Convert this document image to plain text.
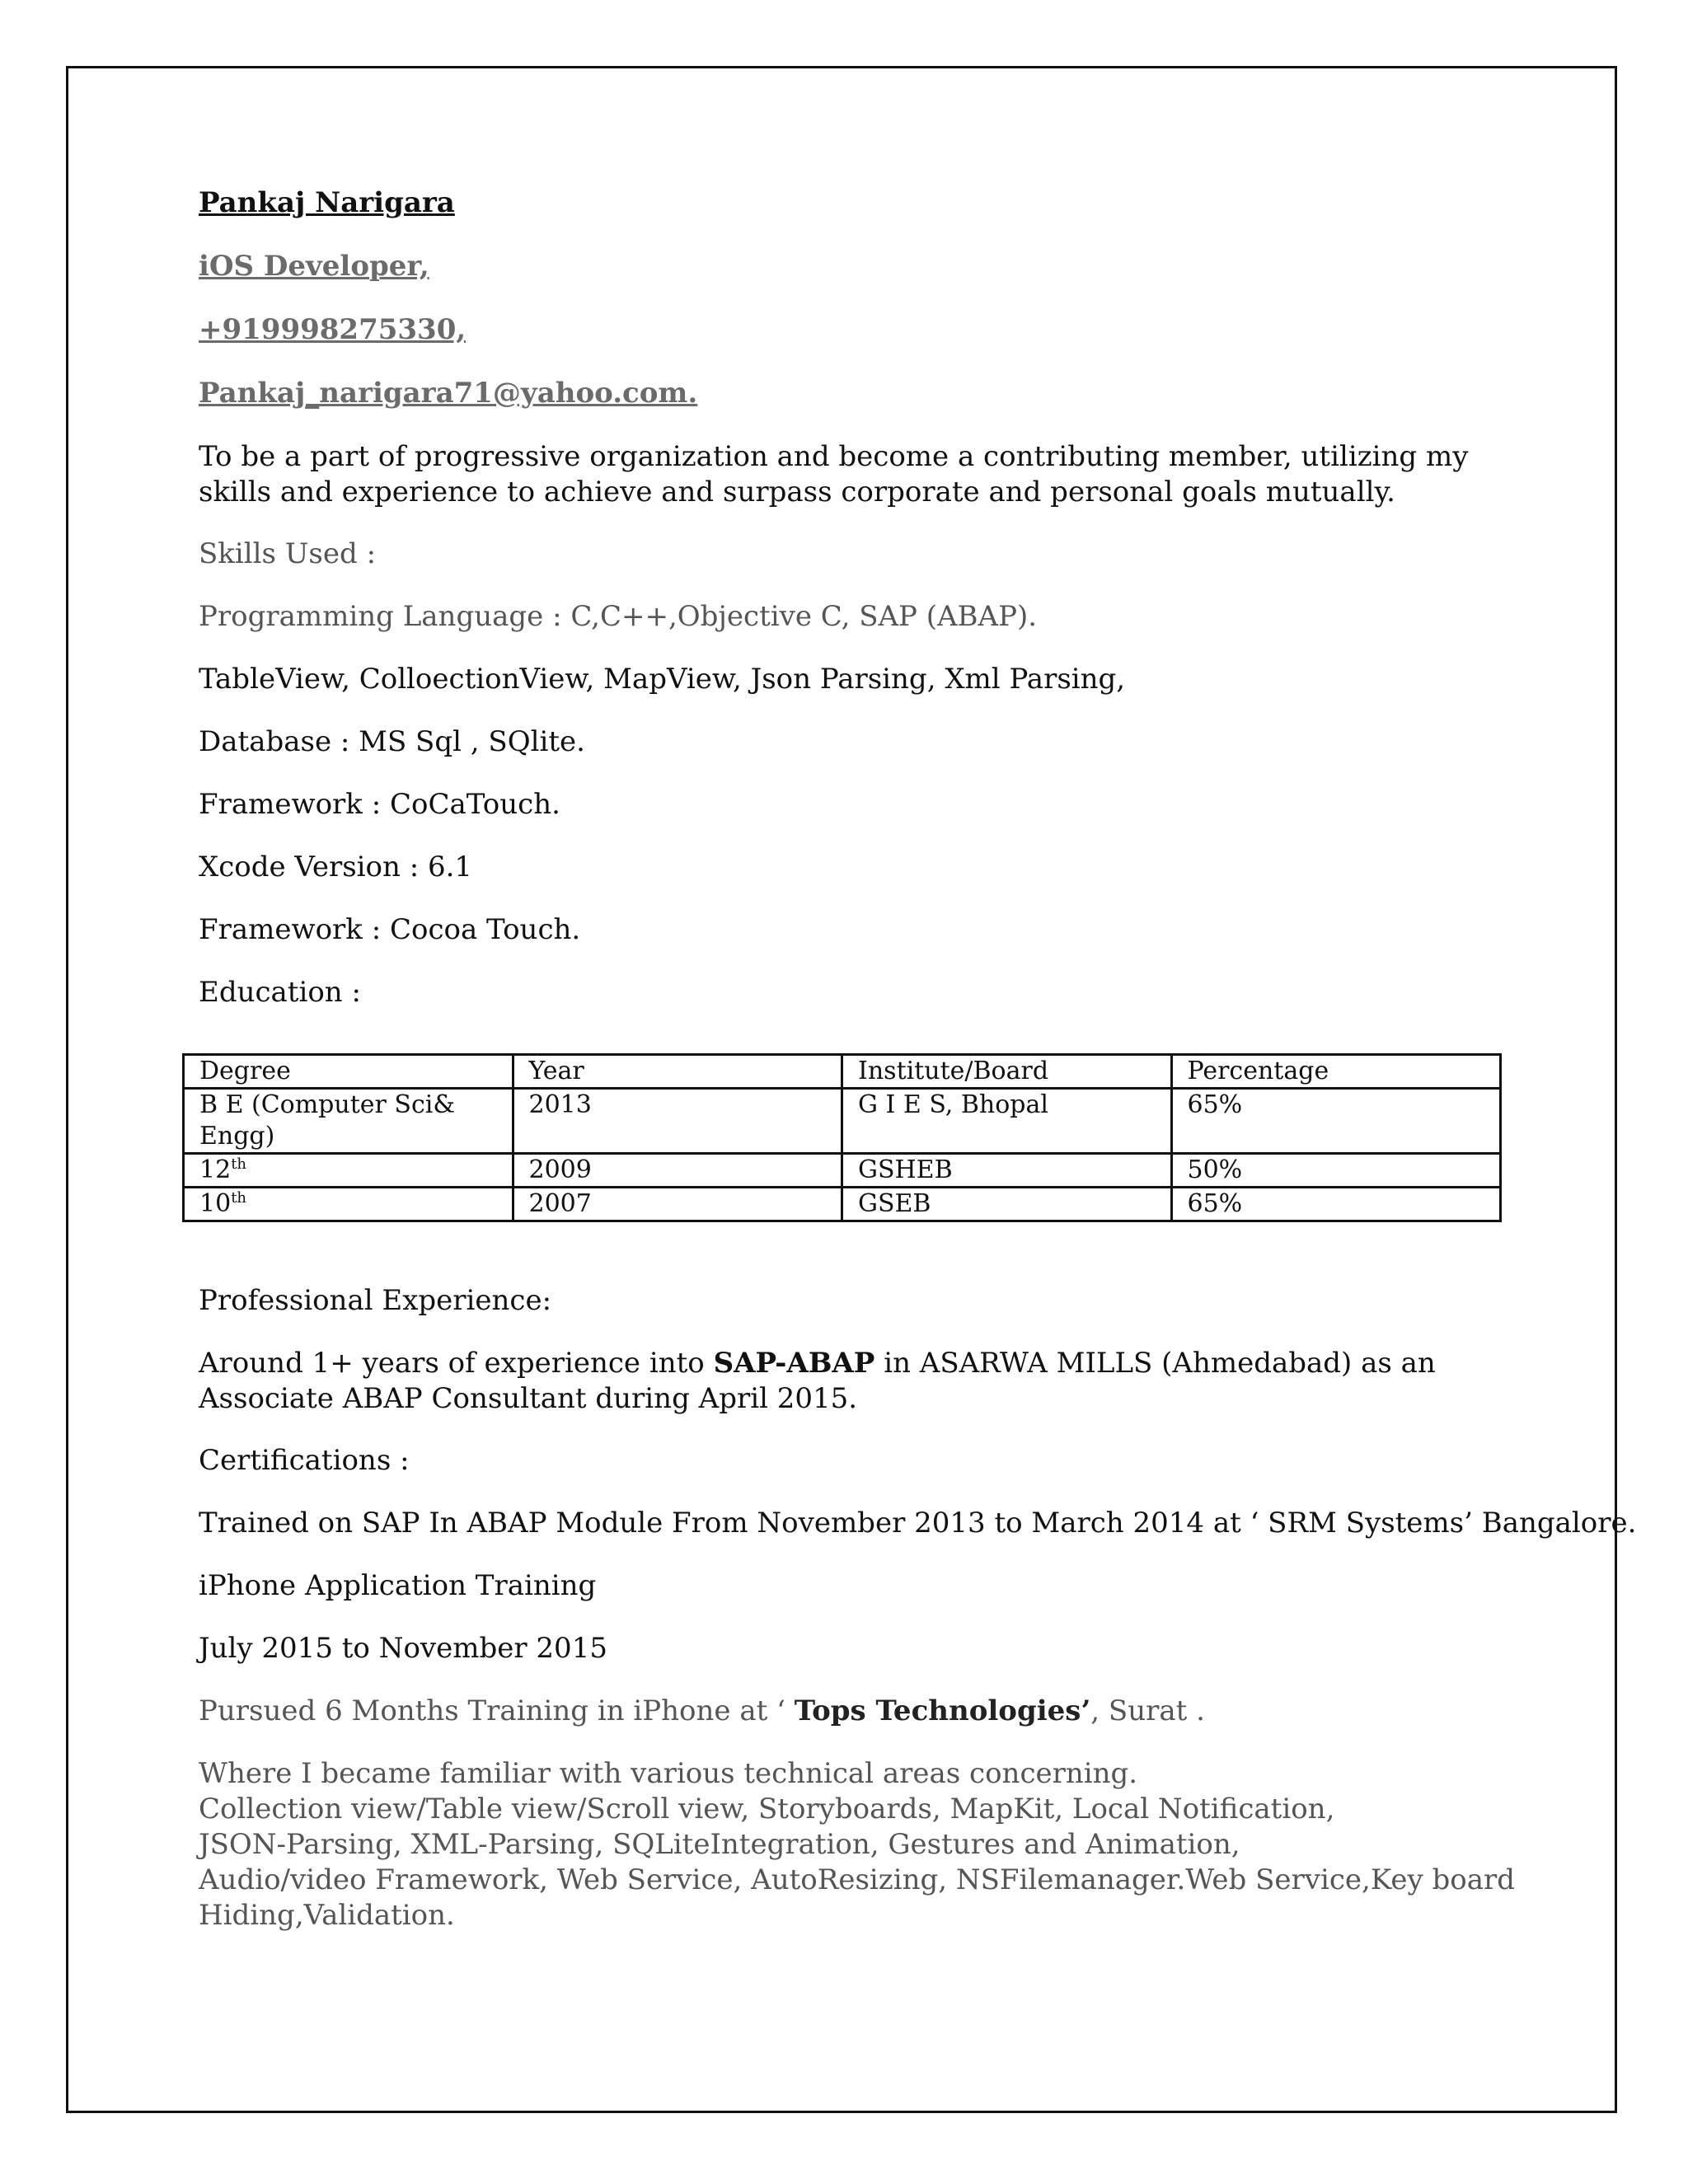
Pankaj Narigara

iOS Developer,

+919998275330,

Pankaj_narigara71@yahoo.com.

To be a part of progressive organization and become a contributing member, utilizing my skills and experience to achieve and surpass corporate and personal goals mutually.

Skills Used :

Programming Language : C,C++,Objective C, SAP (ABAP).

TableView, ColloectionView, MapView, Json Parsing, Xml Parsing,

Database : MS Sql , SQlite.

Framework : CoCaTouch.

Xcode Version : 6.1

Framework : Cocoa Touch.

Education :

Degree	Year	Institute/Board	Percentage
B E (Computer Sci& Engg)	2013	G I E S, Bhopal	65%
12th	2009	GSHEB	50%
10th	2007	GSEB	65%

Professional Experience:

Around 1+ years of experience into SAP-ABAP in ASARWA MILLS (Ahmedabad) as an Associate ABAP Consultant during April 2015.

Certifications :

Trained on SAP In ABAP Module From November 2013 to March 2014 at ‘ SRM Systems’ Bangalore.

iPhone Application Training

July 2015 to November 2015

Pursued 6 Months Training in iPhone at ‘ Tops Technologies’, Surat .

Where I became familiar with various technical areas concerning.

Collection view/Table view/Scroll view, Storyboards, MapKit, Local Notification,

JSON-Parsing, XML-Parsing, SQLiteIntegration, Gestures and Animation,

Audio/video Framework, Web Service, AutoResizing, NSFilemanager.Web Service,Key board

Hiding,Validation.
